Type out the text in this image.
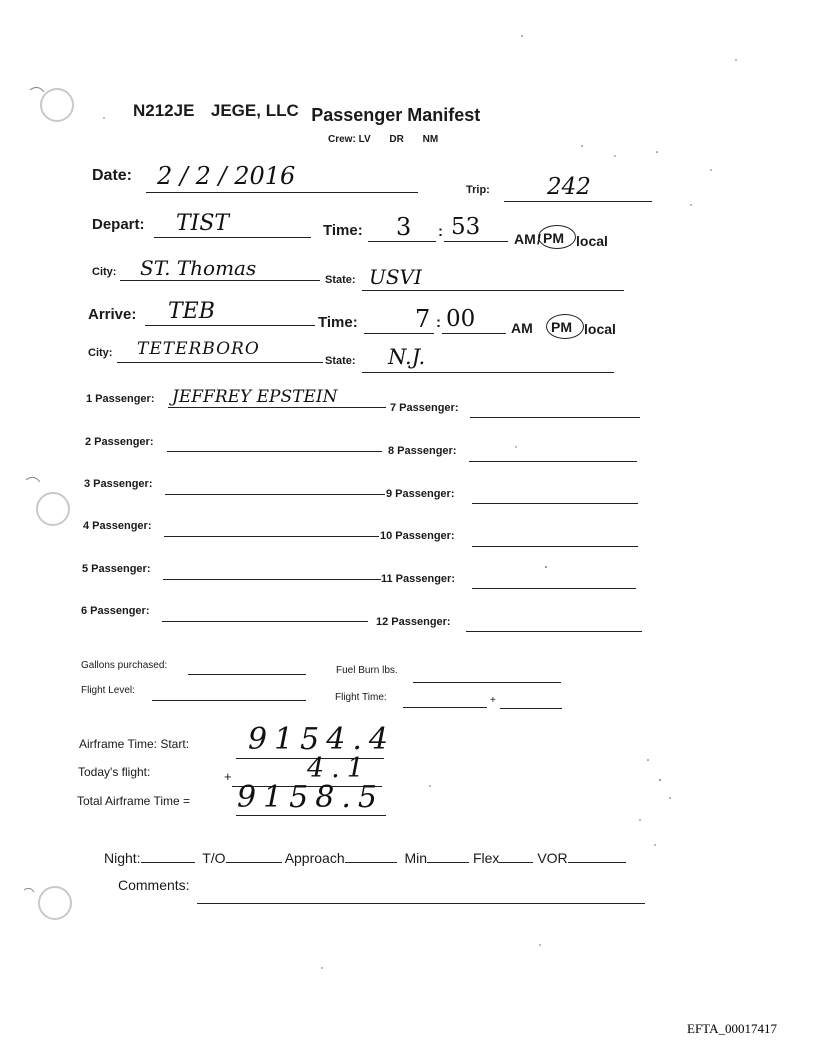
N212JE JEGE, LLC Passenger Manifest
Crew: LV DR NM
Date: 2 / 2 / 2016	Trip: 242
Depart: TIST	Time: 3 : 53 AM / PM local
City: ST. Thomas	State: USVI
Arrive: TEB	Time: 7 : 00	AM PM local
City: TETERBORO
State: N.J.
1 Passenger: JEFFREY EPSTEIN
2 Passenger:
3 Passenger:
4 Passenger:
5 Passenger:
6 Passenger:
7 Passenger:
8 Passenger:
9 Passenger:
10 Passenger:
11 Passenger:
12 Passenger:
Gallons purchased:	Fuel Burn lbs.
Flight Level:
Flight Time:	+
Airframe Time: Start: 9154.4
Today's flight:	+	4.1
Total Airframe Time = 9158.5
Night:	T/O	Approach	Min	Flex	VOR
Comments:
EFTA_00017417
